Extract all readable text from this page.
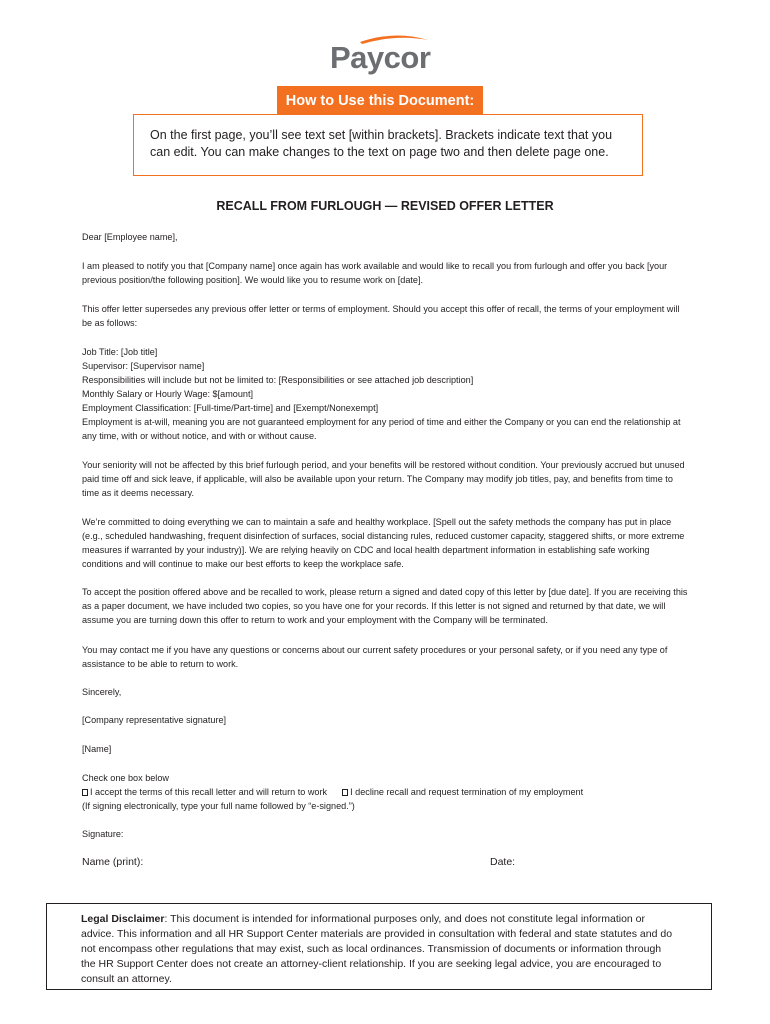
Paycor
On the first page, you’ll see text set [within brackets]. Brackets indicate text that you can edit. You can make changes to the text on page two and then delete page one.
How to Use this Document:
RECALL FROM FURLOUGH — REVISED OFFER LETTER
Dear [Employee name],
I am pleased to notify you that [Company name] once again has work available and would like to recall you from furlough and offer you back [your previous position/the following position]. We would like you to resume work on [date].
This offer letter supersedes any previous offer letter or terms of employment. Should you accept this offer of recall, the terms of your employment will be as follows:
Job Title: [Job title]
Supervisor: [Supervisor name]
Responsibilities will include but not be limited to: [Responsibilities or see attached job description]
Monthly Salary or Hourly Wage: $[amount]
Employment Classification: [Full-time/Part-time] and [Exempt/Nonexempt]
Employment is at-will, meaning you are not guaranteed employment for any period of time and either the Company or you can end the relationship at any time, with or without notice, and with or without cause.
Your seniority will not be affected by this brief furlough period, and your benefits will be restored without condition. Your previously accrued but unused paid time off and sick leave, if applicable, will also be available upon your return. The Company may modify job titles, pay, and benefits from time to time as it deems necessary.
We’re committed to doing everything we can to maintain a safe and healthy workplace. [Spell out the safety methods the company has put in place (e.g., scheduled handwashing, frequent disinfection of surfaces, social distancing rules, reduced customer capacity, staggered shifts, or more extreme measures if warranted by your industry)]. We are relying heavily on CDC and local health department information in establishing safe working conditions and will continue to make our best efforts to keep the workplace safe.
To accept the position offered above and be recalled to work, please return a signed and dated copy of this letter by [due date]. If you are receiving this as a paper document, we have included two copies, so you have one for your records. If this letter is not signed and returned by that date, we will assume you are turning down this offer to return to work and your employment with the Company will be terminated.
You may contact me if you have any questions or concerns about our current safety procedures or your personal safety, or if you need any type of assistance to be able to return to work.
Sincerely,
[Company representative signature]
[Name]
Check one box below
I accept the terms of this recall letter and will return to work	I decline recall and request termination of my employment
(If signing electronically, type your full name followed by “e-signed.”)
Signature:
Name (print):	Date:
Legal Disclaimer: This document is intended for informational purposes only, and does not constitute legal information or advice. This information and all HR Support Center materials are provided in consultation with federal and state statutes and do not encompass other regulations that may exist, such as local ordinances. Transmission of documents or information through the HR Support Center does not create an attorney-client relationship. If you are seeking legal advice, you are encouraged to consult an attorney.
